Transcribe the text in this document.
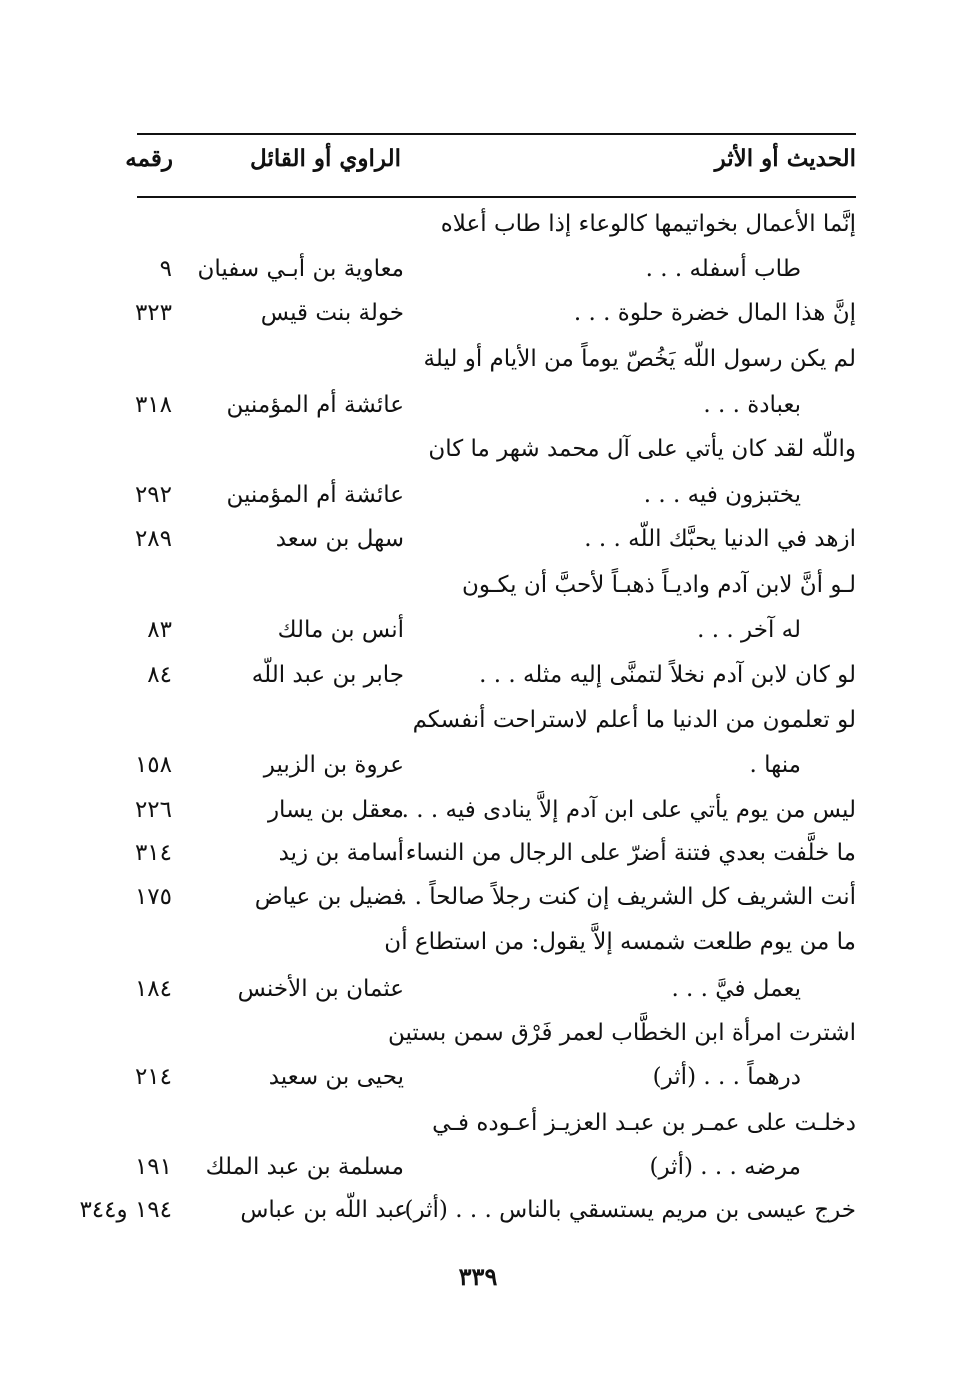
الحديث أو الأثر
الراوي أو القائل
رقمه
إنَّما الأعمال بخواتيمها كالوعاء إذا طاب أعلاه
طاب أسفله . . .
معاوية بن أبـي سفيان
٩
إنَّ هذا المال خضرة حلوة . . .
خولة بنت قيس
٣٢٣
لم يكن رسول اللّه يَخُصّ يوماً من الأيام أو ليلة
بعبادة . . .
عائشة أم المؤمنين
٣١٨
واللّه لقد كان يأتي على آل محمد شهر ما كان
يختبزون فيه . . .
عائشة أم المؤمنين
٢٩٢
ازهد في الدنيا يحبَّك اللّه . . .
سهل بن سعد
٢٨٩
لـو أنَّ لابن آدم واديـاً ذهبـاً لأحبَّ أن يكـون
له آخر . . .
أنس بن مالك
٨٣
لو كان لابن آدم نخلاً لتمنَّى إليه مثله . . .
جابر بن عبد اللّه
٨٤
لو تعلمون من الدنيا ما أعلم لاستراحت أنفسكم
منها .
عروة بن الزبير
١٥٨
ليس من يوم يأتي على ابن آدم إلاَّ ينادى فيه . . .
معقل بن يسار
٢٢٦
ما خلَّفت بعدي فتنة أضرّ على الرجال من النساء .
أسامة بن زيد
٣١٤
أنت الشريف كل الشريف إن كنت رجلاً صالحاً . . .
فضيل بن عياض
١٧٥
ما من يوم طلعت شمسه إلاَّ يقول: من استطاع أن
يعمل فيَّ . . .
عثمان بن الأخنس
١٨٤
اشترت امرأة ابن الخطَّاب لعمر فَرْق سمن بستين
درهماً . . . (أثر)
يحيى بن سعيد
٢١٤
دخلـت على عمـر بن عبـد العزيـز أعـوده فـي
مرضه . . . (أثر)
مسلمة بن عبد الملك
١٩١
خرج عيسى بن مريم يستسقي بالناس . . . (أثر)
عبد اللّه بن عباس
١٩٤ و٣٤٤
٣٣٩
